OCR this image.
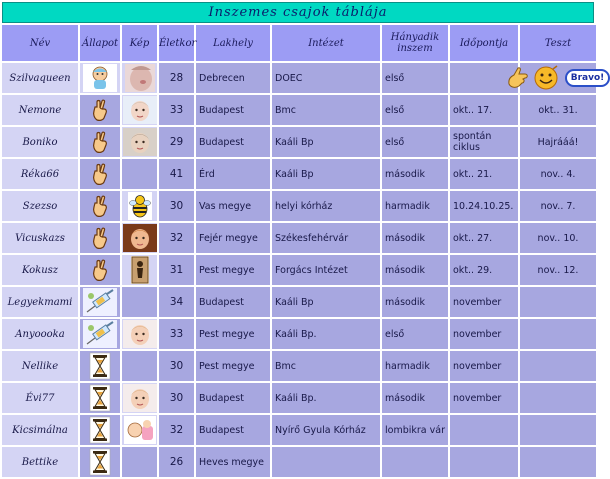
Inszemes csajok táblája
Név	Állapot	Kép	Életkor	Lakhely	Intézet	Hányadik inszem	Időpontja	Teszt
Szilvaqueen			28	Debrecen	DOEC	első		Bravo!

Nemone			33	Budapest	Bmc	első	okt.. 17.	okt.. 31.
Boniko			29	Budapest	Kaáli Bp	első	spontán ciklus	Hajrááá!
Réka66			41	Érd	Kaáli Bp	második	okt.. 21.	nov.. 4.
Szezso			30	Vas megye	helyi kórház	harmadik	10.24.10.25.	nov.. 7.
Vicuskazs			32	Fejér megye	Székesfehérvár	második	okt.. 27.	nov.. 10.
Kokusz			31	Pest megye	Forgács Intézet	második	okt.. 29.	nov.. 12.
Legyekmami			34	Budapest	Kaáli Bp	második	november	
Anyoooka			33	Pest megye	Kaáli Bp.	első	november	
Nellike			30	Pest megye	Bmc	harmadik	november	
Évi77			30	Budapest	Kaáli Bp.	második	november	
Kicsimálna			32	Budapest	Nyírő Gyula Kórház	lombikra vár		
Bettike			26	Heves megye				
